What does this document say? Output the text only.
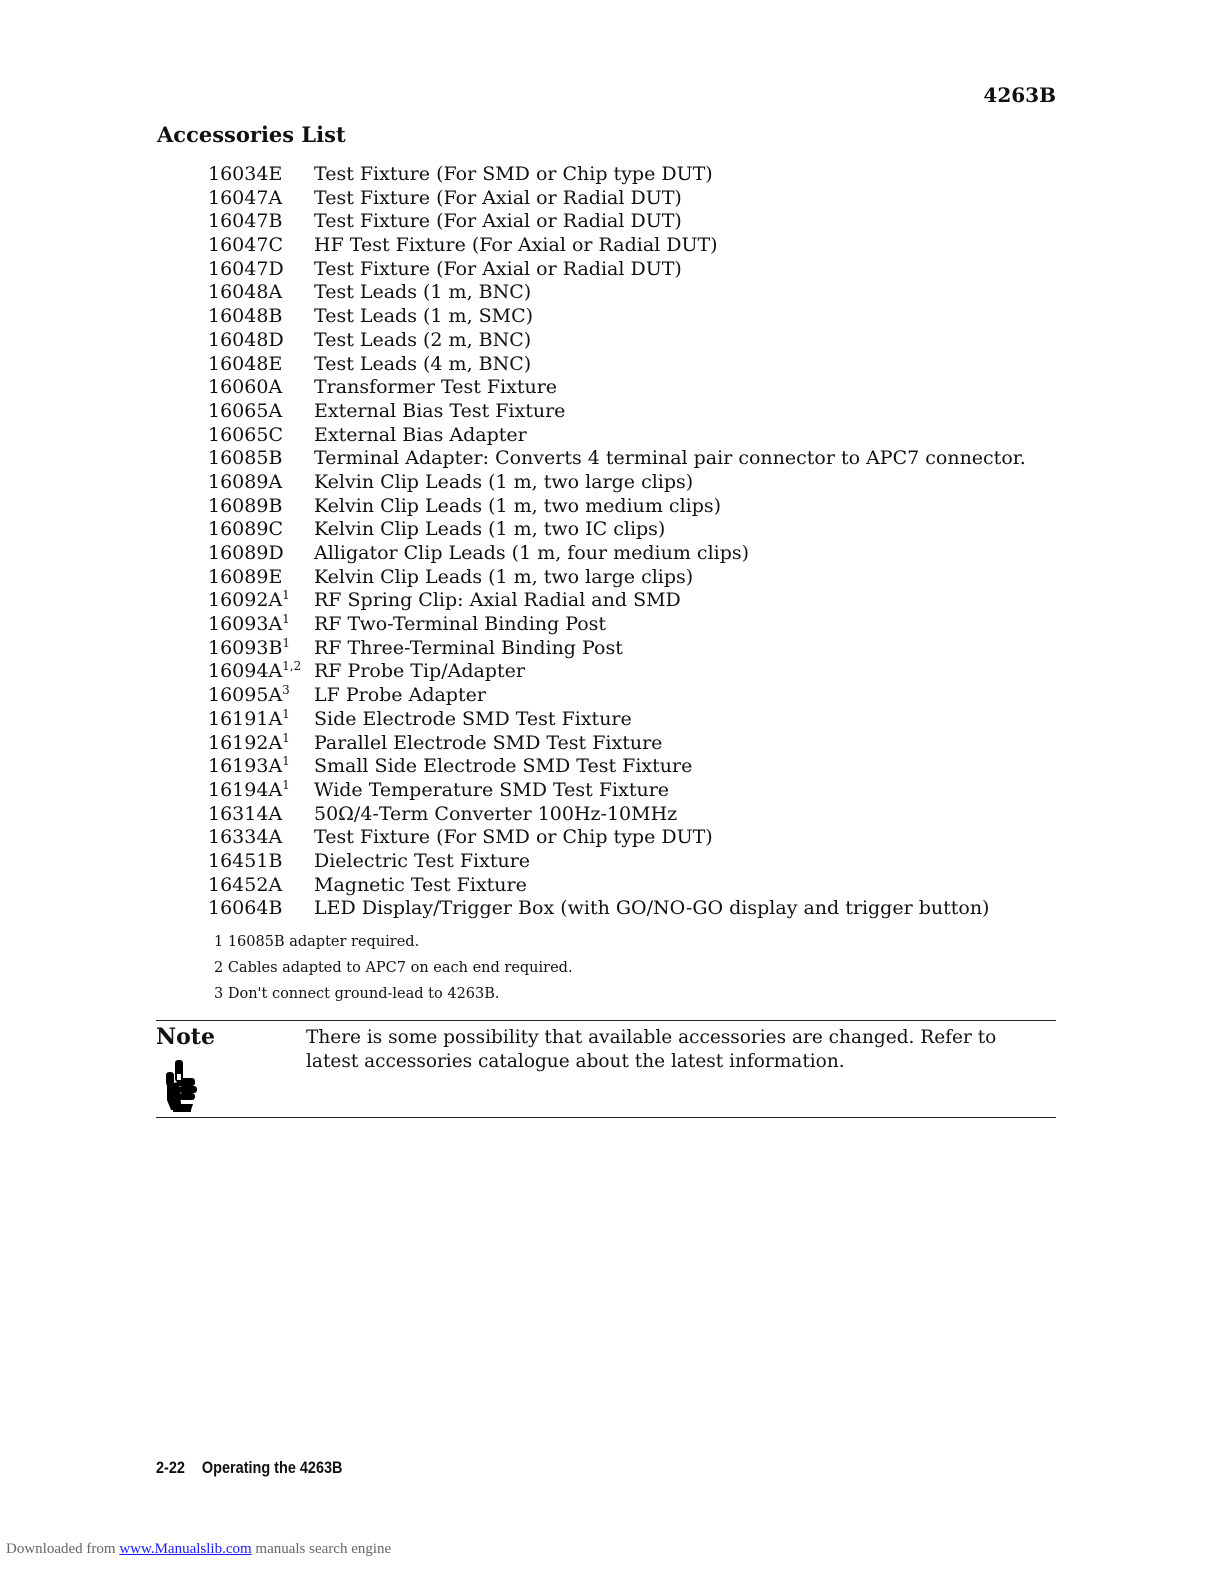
4263B
Accessories List
16034E Test Fixture (For SMD or Chip type DUT)
16047A Test Fixture (For Axial or Radial DUT)
16047B Test Fixture (For Axial or Radial DUT)
16047C HF Test Fixture (For Axial or Radial DUT)
16047D Test Fixture (For Axial or Radial DUT)
16048A Test Leads (1 m, BNC)
16048B Test Leads (1 m, SMC)
16048D Test Leads (2 m, BNC)
16048E Test Leads (4 m, BNC)
16060A Transformer Test Fixture
16065A External Bias Test Fixture
16065C External Bias Adapter
16085B Terminal Adapter: Converts 4 terminal pair connector to APC7 connector.
16089A Kelvin Clip Leads (1 m, two large clips)
16089B Kelvin Clip Leads (1 m, two medium clips)
16089C Kelvin Clip Leads (1 m, two IC clips)
16089D Alligator Clip Leads (1 m, four medium clips)
16089E Kelvin Clip Leads (1 m, two large clips)
$16092A^1$ RF Spring Clip: Axial Radial and SMD
$16093A^1$ RF Two-Terminal Binding Post
$16093B^1$ RF Three-Terminal Binding Post
$16094A^{1,2}$ RF Probe Tip/Adapter
$16095A^3$ LF Probe Adapter
$16191A^1$ Side Electrode SMD Test Fixture
$16192A^1$ Parallel Electrode SMD Test Fixture
$16193A^1$ Small Side Electrode SMD Test Fixture
$16194A^1$ Wide Temperature SMD Test Fixture
16314A 50Ω/4-Term Converter 100Hz-10MHz
16334A Test Fixture (For SMD or Chip type DUT)
16451B Dielectric Test Fixture
16452A Magnetic Test Fixture
16064B LED Display/Trigger Box (with GO/NO-GO display and trigger button)
1 16085B adapter required.
2 Cables adapted to APC7 on each end required.
3 Don't connect ground-lead to 4263B.
Note	There is some possibility that available accessories are changed. Refer to latest accessories catalogue about the latest information.
2-22 Operating the 4263B
Downloaded from www.Manualslib.com manuals search engine
